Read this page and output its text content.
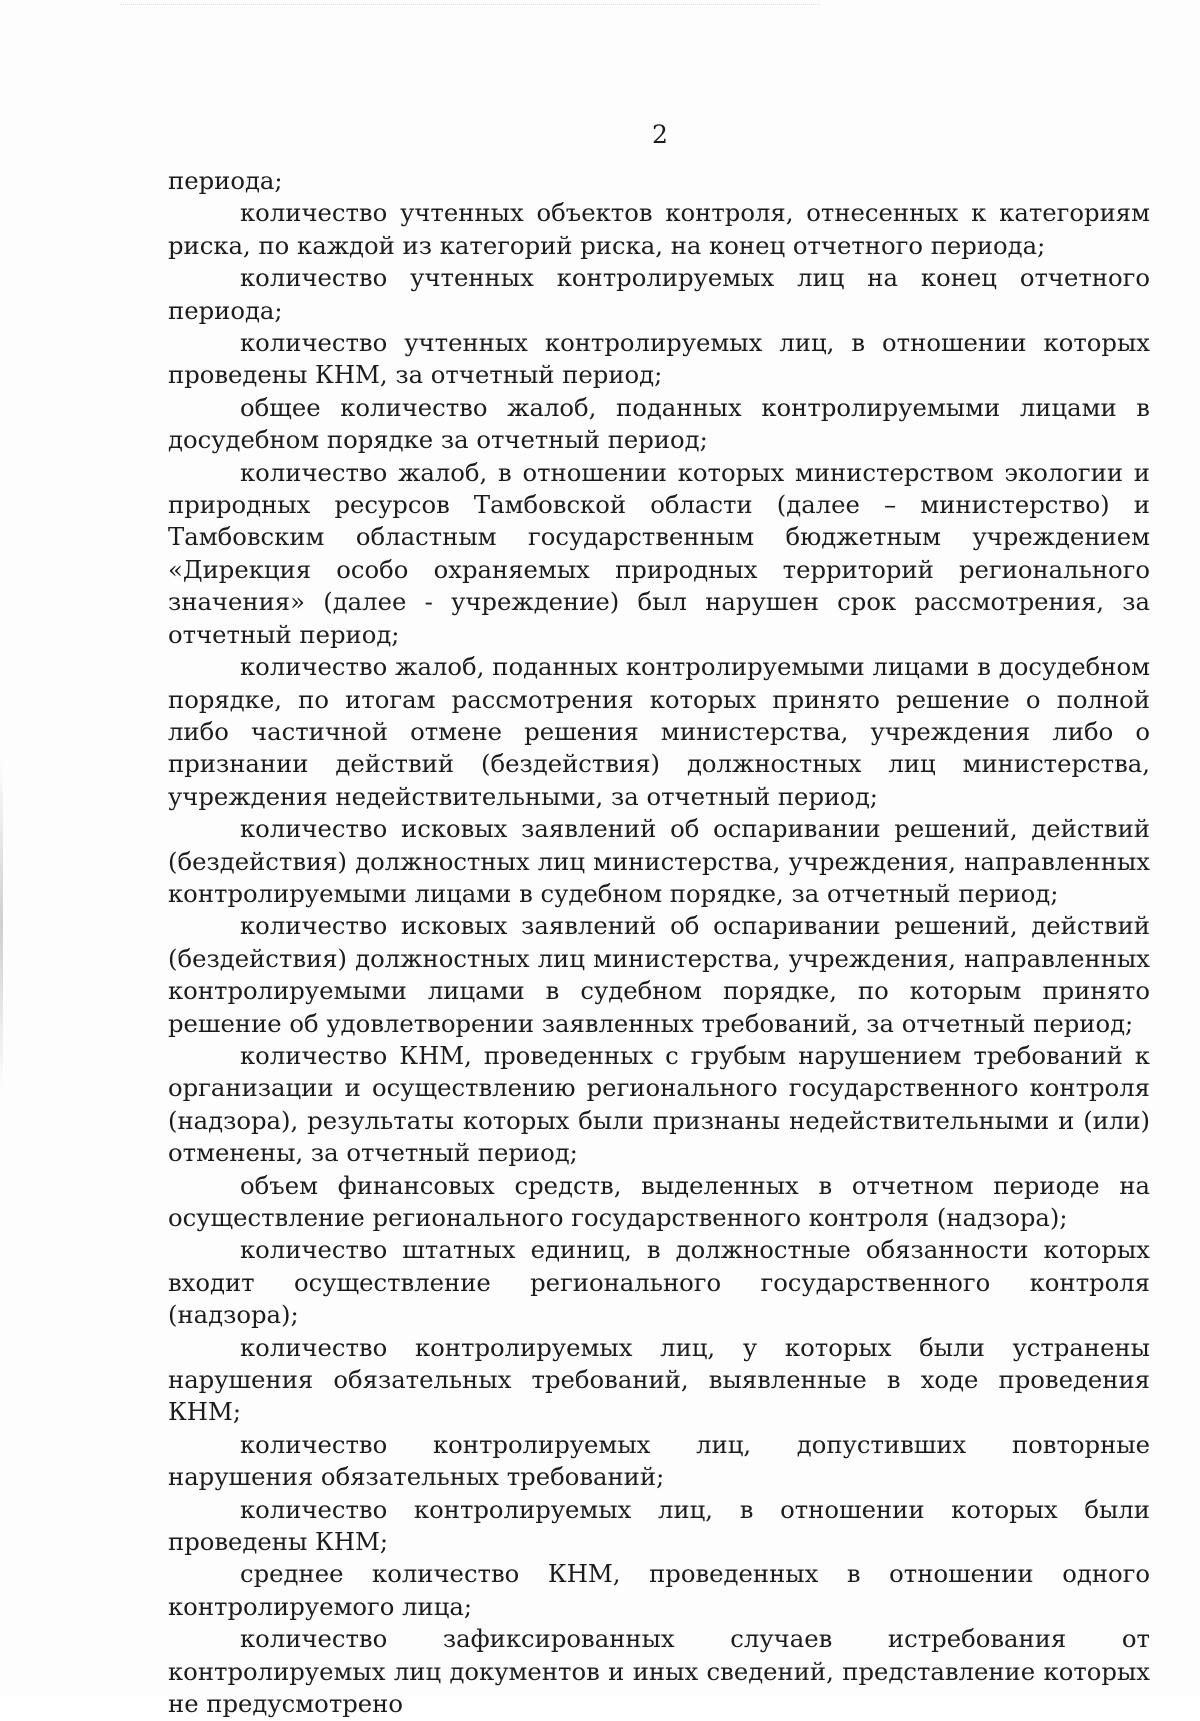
2

периода;

количество учтенных объектов контроля, отнесенных к категориям риска, по каждой из категорий риска, на конец отчетного периода;

количество учтенных контролируемых лиц на конец отчетного периода;

количество учтенных контролируемых лиц, в отношении которых проведены КНМ, за отчетный период;

общее количество жалоб, поданных контролируемыми лицами в досудебном порядке за отчетный период;

количество жалоб, в отношении которых министерством экологии и природных ресурсов Тамбовской области (далее – министерство) и Тамбовским областным государственным бюджетным учреждением «Дирекция особо охраняемых природных территорий регионального значения» (далее - учреждение) был нарушен срок рассмотрения, за отчетный период;

количество жалоб, поданных контролируемыми лицами в досудебном порядке, по итогам рассмотрения которых принято решение о полной либо частичной отмене решения министерства, учреждения либо о признании действий (бездействия) должностных лиц министерства, учреждения недействительными, за отчетный период;

количество исковых заявлений об оспаривании решений, действий (бездействия) должностных лиц министерства, учреждения, направленных контролируемыми лицами в судебном порядке, за отчетный период;

количество исковых заявлений об оспаривании решений, действий (бездействия) должностных лиц министерства, учреждения, направленных контролируемыми лицами в судебном порядке, по которым принято решение об удовлетворении заявленных требований, за отчетный период;

количество КНМ, проведенных с грубым нарушением требований к организации и осуществлению регионального государственного контроля (надзора), результаты которых были признаны недействительными и (или) отменены, за отчетный период;

объем финансовых средств, выделенных в отчетном периоде на осуществление регионального государственного контроля (надзора);

количество штатных единиц, в должностные обязанности которых входит осуществление регионального государственного контроля (надзора);

количество контролируемых лиц, у которых были устранены нарушения обязательных требований, выявленные в ходе проведения КНМ;

количество контролируемых лиц, допустивших повторные нарушения обязательных требований;

количество контролируемых лиц, в отношении которых были проведены КНМ;

среднее количество КНМ, проведенных в отношении одного контролируемого лица;

количество зафиксированных случаев истребования от контролируемых лиц документов и иных сведений, представление которых не предусмотрено
